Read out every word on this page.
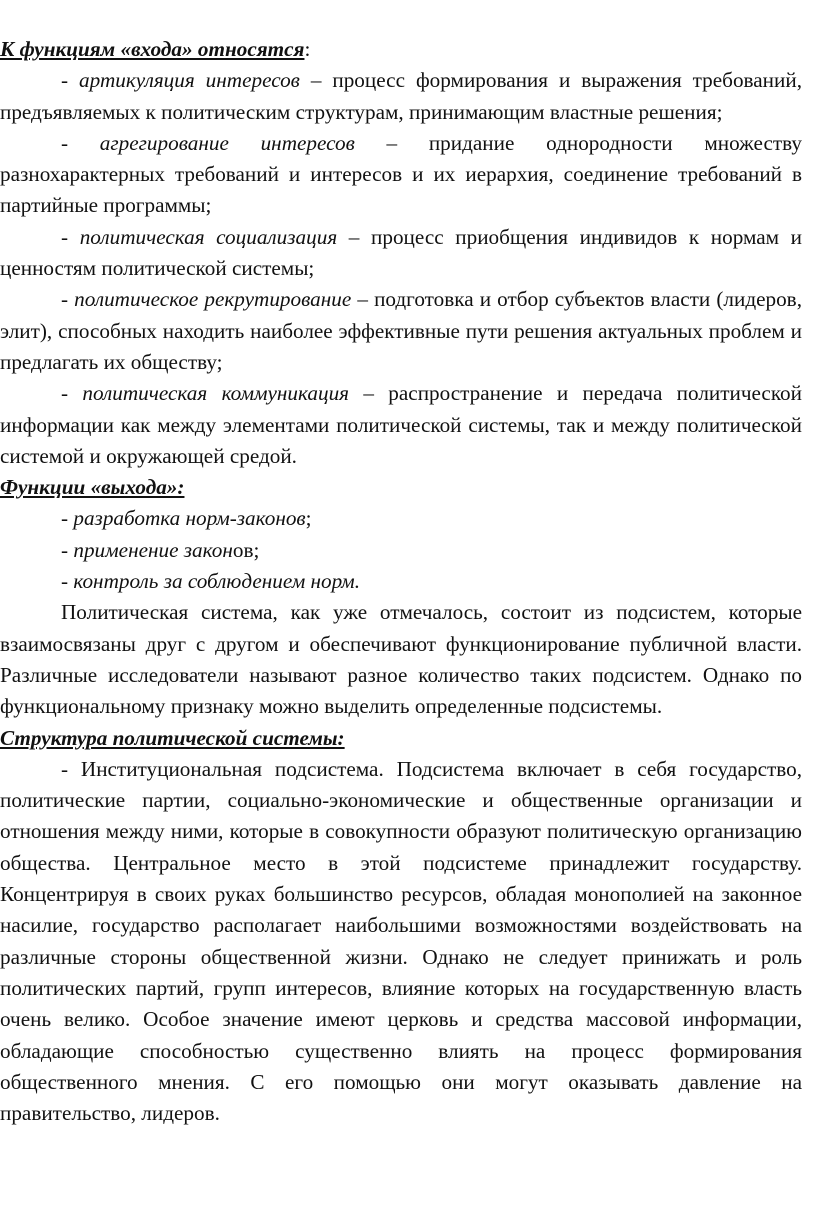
К функциям «входа» относятся:

- артикуляция интересов – процесс формирования и выражения требований, предъявляемых к политическим структурам, принимающим властные решения;

- агрегирование интересов – придание однородности множеству разнохарактерных требований и интересов и их иерархия, соединение требований в партийные программы;

- политическая социализация – процесс приобщения индивидов к нормам и ценностям политической системы;

- политическое рекрутирование – подготовка и отбор субъектов власти (лидеров, элит), способных находить наиболее эффективные пути решения актуальных проблем и предлагать их обществу;

- политическая коммуникация – распространение и передача политической информации как между элементами политической системы, так и между политической системой и окружающей средой.

Функции «выхода»:

- разработка норм-законов;

- применение законов;

- контроль за соблюдением норм.

Политическая система, как уже отмечалось, состоит из подсистем, которые взаимосвязаны друг с другом и обеспечивают функционирование публичной власти. Различные исследователи называют разное количество таких подсистем. Однако по функциональному признаку можно выделить определенные подсистемы.

Структура политической системы:

- Институциональная подсистема. Подсистема включает в себя государство, политические партии, социально-экономические и общественные организации и отношения между ними, которые в совокупности образуют политическую организацию общества. Центральное место в этой подсистеме принадлежит государству. Концентрируя в своих руках большинство ресурсов, обладая монополией на законное насилие, государство располагает наибольшими возможностями воздействовать на различные стороны общественной жизни. Однако не следует принижать и роль политических партий, групп интересов, влияние которых на государственную власть очень велико. Особое значение имеют церковь и средства массовой информации, обладающие способностью существенно влиять на процесс формирования общественного мнения. С его помощью они могут оказывать давление на правительство, лидеров.
